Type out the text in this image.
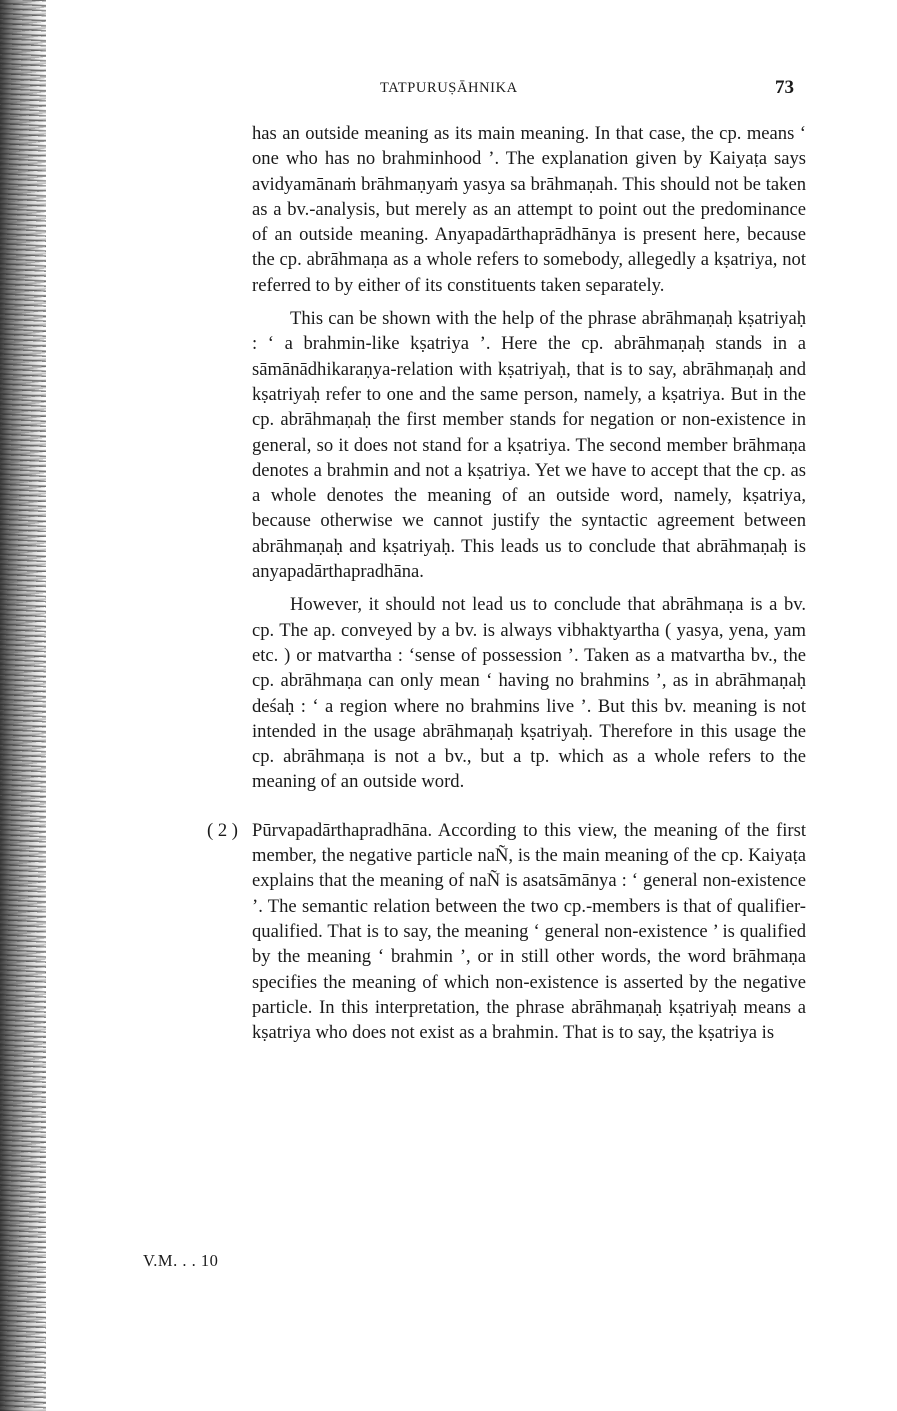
TATPURUṢĀHNIKA	73

has an outside meaning as its main meaning. In that case, the cp. means ‘ one who has no brahminhood ’. The explanation given by Kaiyaṭa says avidyamānaṁ brāhmaṇyaṁ yasya sa brāhmaṇah. This should not be taken as a bv.-analysis, but merely as an attempt to point out the predominance of an outside meaning. Anyapadārthaprādhānya is present here, because the cp. abrāhmaṇa as a whole refers to somebody, allegedly a kṣatriya, not referred to by either of its constituents taken separately.

This can be shown with the help of the phrase abrāhmaṇaḥ kṣatriyaḥ : ‘ a brahmin-like kṣatriya ’. Here the cp. abrāhmaṇaḥ stands in a sāmānādhikaraṇya-relation with kṣatriyaḥ, that is to say, abrāhmaṇaḥ and kṣatriyaḥ refer to one and the same person, namely, a kṣatriya. But in the cp. abrāhmaṇaḥ the first member stands for negation or non-existence in general, so it does not stand for a kṣatriya. The second member brāhmaṇa denotes a brahmin and not a kṣatriya. Yet we have to accept that the cp. as a whole denotes the meaning of an outside word, namely, kṣatriya, because otherwise we cannot justify the syntactic agreement between abrāhmaṇaḥ and kṣatriyaḥ. This leads us to conclude that abrāhmaṇaḥ is anyapadārthapradhāna.

However, it should not lead us to conclude that abrāhmaṇa is a bv. cp. The ap. conveyed by a bv. is always vibhaktyartha ( yasya, yena, yam etc. ) or matvartha : ‘sense of possession ’. Taken as a matvartha bv., the cp. abrāhmaṇa can only mean ‘ having no brahmins ’, as in abrāhmaṇaḥ deśaḥ : ‘ a region where no brahmins live ’. But this bv. meaning is not intended in the usage abrāhmaṇaḥ kṣatriyaḥ. Therefore in this usage the cp. abrāhmaṇa is not a bv., but a tp. which as a whole refers to the meaning of an outside word.

( 2 ) Pūrvapadārthapradhāna. According to this view, the meaning of the first member, the negative particle naÑ, is the main meaning of the cp. Kaiyaṭa explains that the meaning of naÑ is asatsāmānya : ‘ general non-existence ’. The semantic relation between the two cp.-members is that of qualifier-qualified. That is to say, the meaning ‘ general non-existence ’ is qualified by the meaning ‘ brahmin ’, or in still other words, the word brāhmaṇa specifies the meaning of which non-existence is asserted by the negative particle. In this interpretation, the phrase abrāhmaṇaḥ kṣatriyaḥ means a kṣatriya who does not exist as a brahmin. That is to say, the kṣatriya is

V.M. . . 10
